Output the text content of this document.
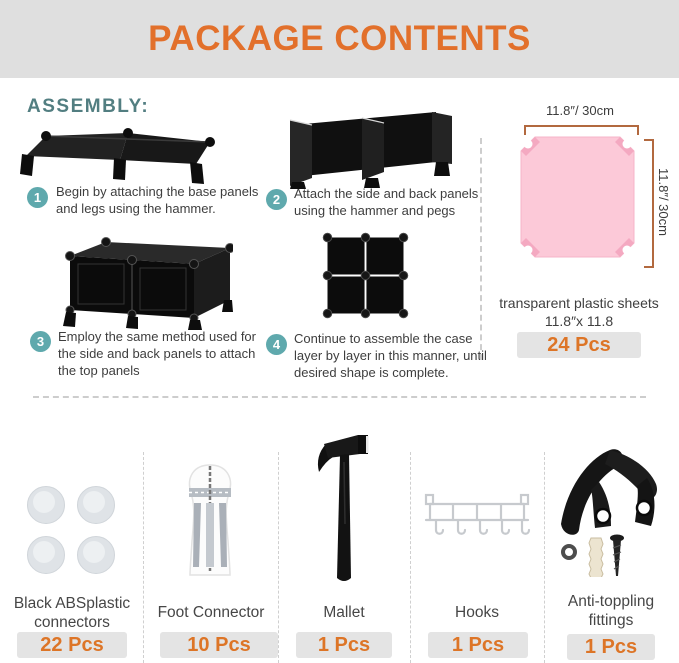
PACKAGE CONTENTS
ASSEMBLY:
1	Begin by attaching the base panels and legs using the hammer.

2	Attach the side and back panels using the hammer and pegs

3	Employ the same method used for the side and back panels to attach the top panels

4	Continue to assemble the case layer by layer in this manner, until desired shape is complete.

11.8″/ 30cm
11.8″/ 30cm
transparent plastic sheets
11.8″x 11.8
24 Pcs
Black ABSplastic connectors
22 Pcs
Foot Connector
10 Pcs
Mallet
1 Pcs
Hooks
1 Pcs
Anti-toppling fittings
1 Pcs
